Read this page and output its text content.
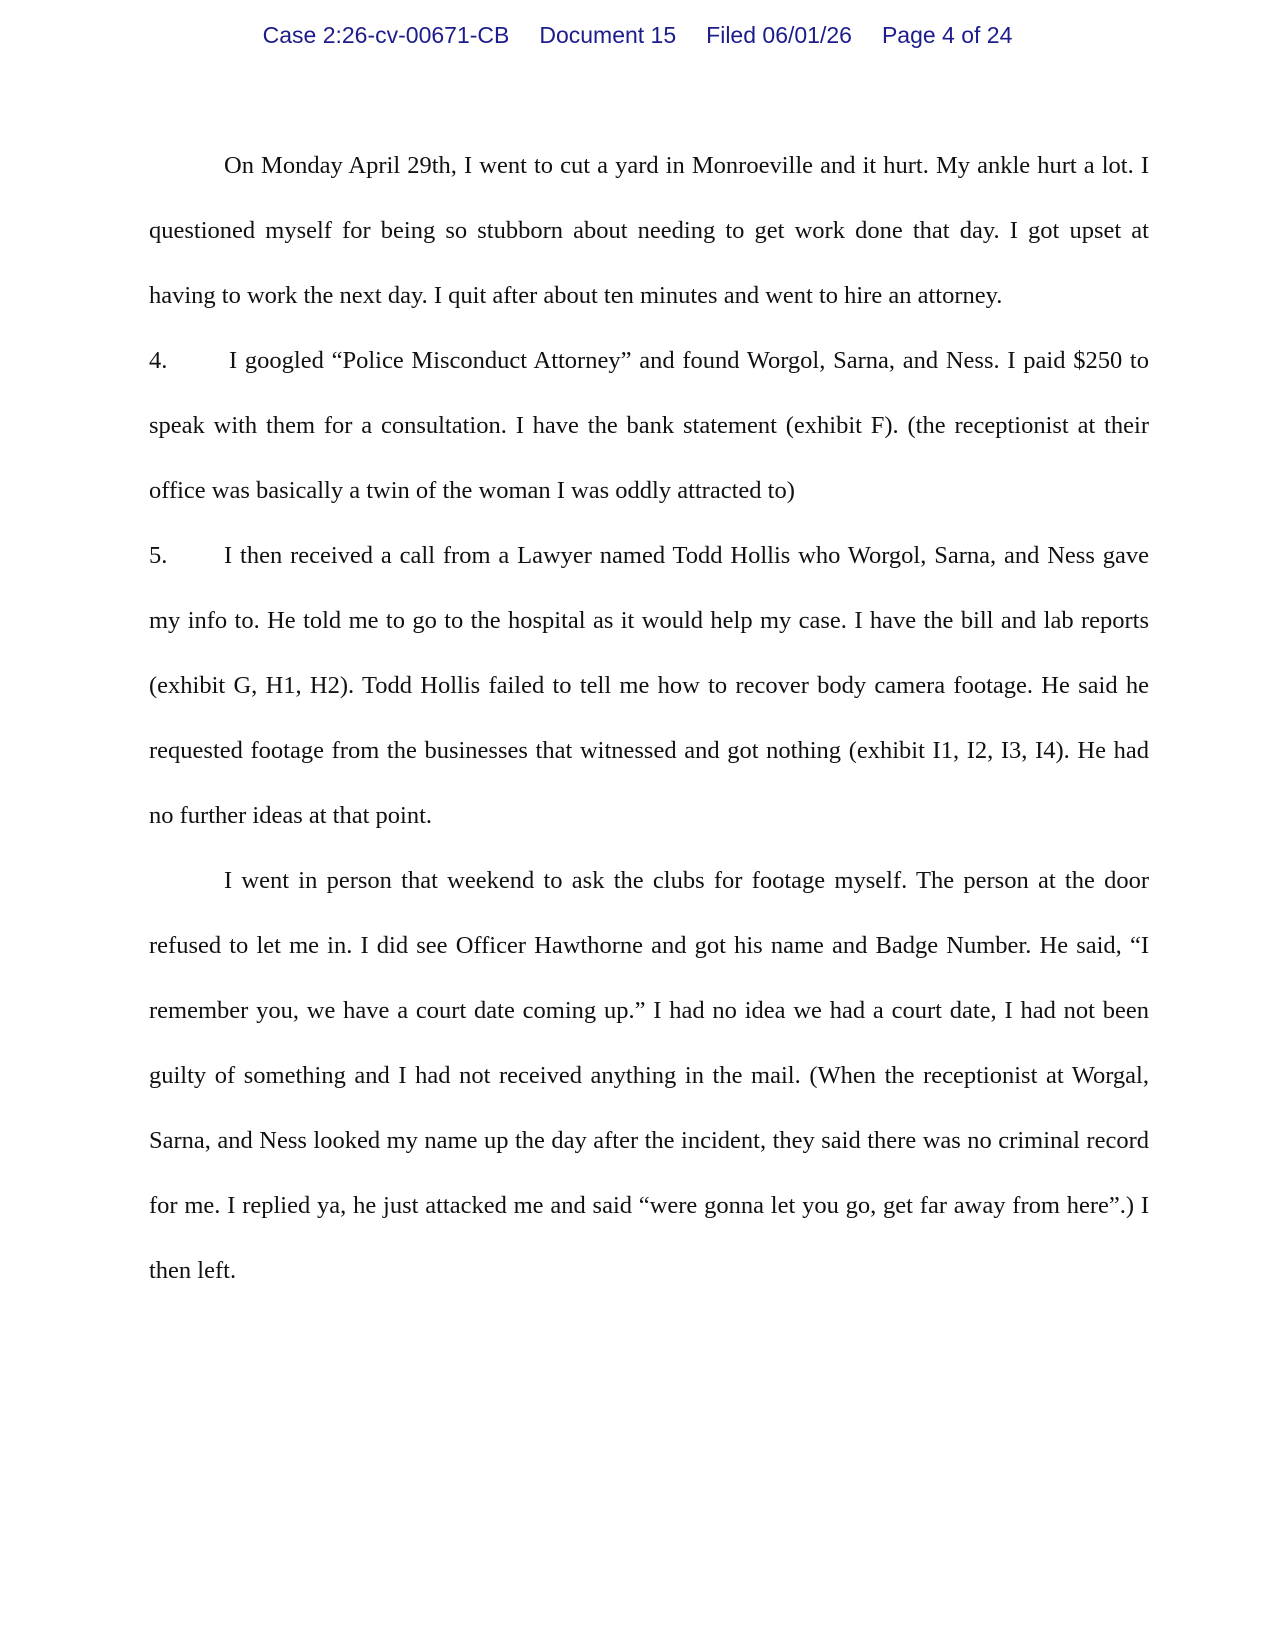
Case 2:26-cv-00671-CB Document 15 Filed 06/01/26 Page 4 of 24

On Monday April 29th, I went to cut a yard in Monroeville and it hurt. My ankle hurt a lot. I questioned myself for being so stubborn about needing to get work done that day. I got upset at having to work the next day. I quit after about ten minutes and went to hire an attorney.

4.	I googled “Police Misconduct Attorney” and found Worgol, Sarna, and Ness. I paid $250 to speak with them for a consultation. I have the bank statement (exhibit F). (the receptionist at their office was basically a twin of the woman I was oddly attracted to)

5. I then received a call from a Lawyer named Todd Hollis who Worgol, Sarna, and Ness gave my info to. He told me to go to the hospital as it would help my case. I have the bill and lab reports (exhibit G, H1, H2). Todd Hollis failed to tell me how to recover body camera footage. He said he requested footage from the businesses that witnessed and got nothing (exhibit I1, I2, I3, I4). He had no further ideas at that point.

I went in person that weekend to ask the clubs for footage myself. The person at the door refused to let me in. I did see Officer Hawthorne and got his name and Badge Number. He said, “I remember you, we have a court date coming up.” I had no idea we had a court date, I had not been guilty of something and I had not received anything in the mail. (When the receptionist at Worgal, Sarna, and Ness looked my name up the day after the incident, they said there was no criminal record for me. I replied ya, he just attacked me and said “were gonna let you go, get far away from here”.) I then left.
